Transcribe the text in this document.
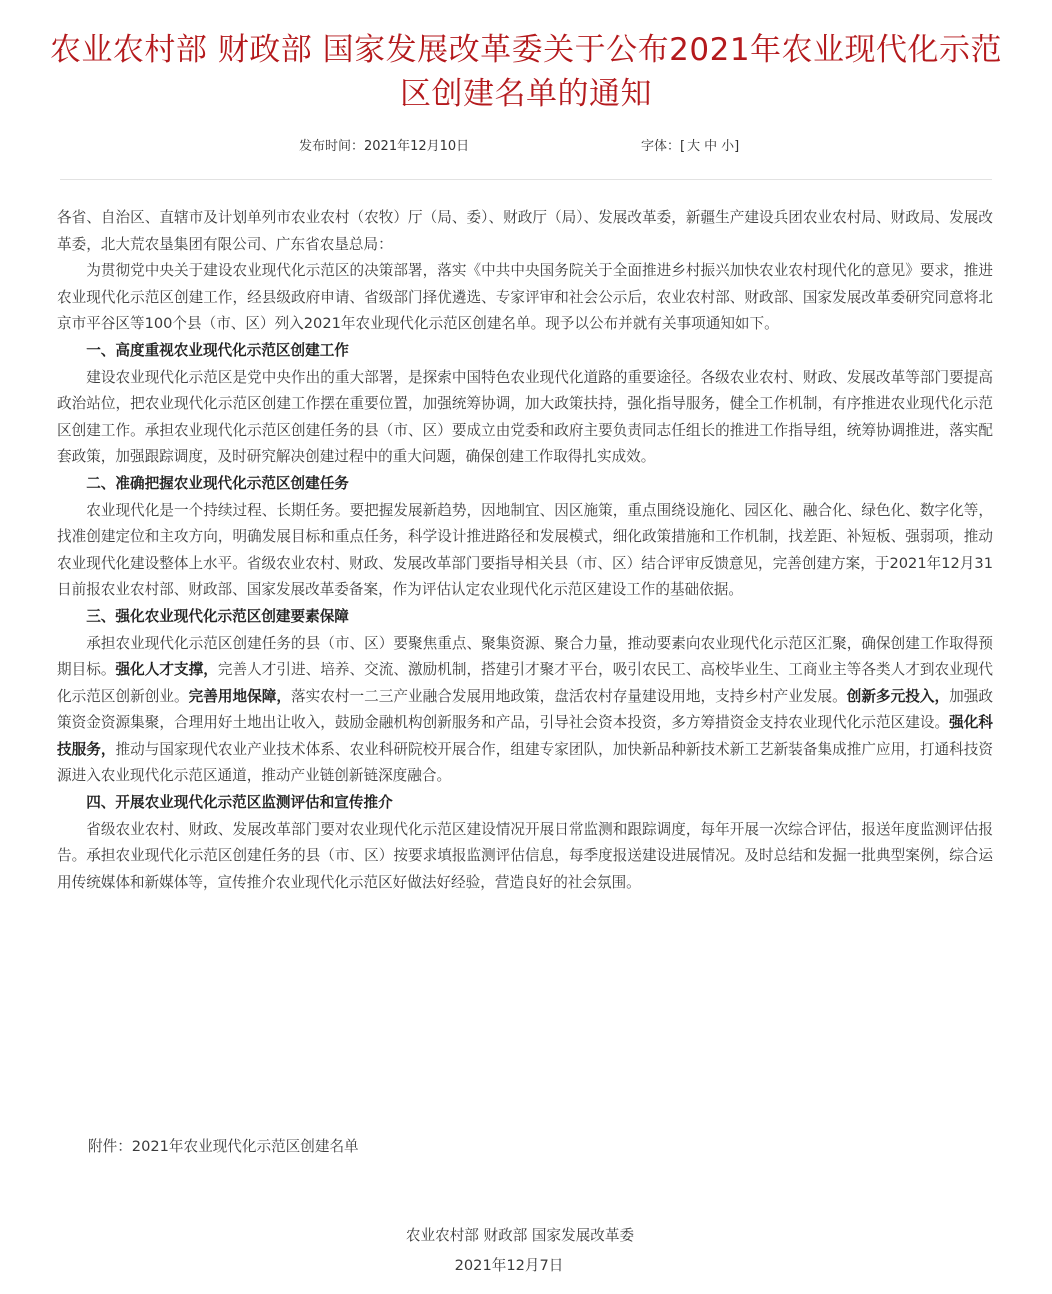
农业农村部 财政部 国家发展改革委关于公布2021年农业现代化示范区创建名单的通知
发布时间：2021年12月10日	字体：[ 大 中 小]

各省、自治区、直辖市及计划单列市农业农村（农牧）厅（局、委）、财政厅（局）、发展改革委，新疆生产建设兵团农业农村局、财政局、发展改革委，北大荒农垦集团有限公司、广东省农垦总局：

为贯彻党中央关于建设农业现代化示范区的决策部署，落实《中共中央国务院关于全面推进乡村振兴加快农业农村现代化的意见》要求，推进农业现代化示范区创建工作，经县级政府申请、省级部门择优遴选、专家评审和社会公示后，农业农村部、财政部、国家发展改革委研究同意将北京市平谷区等100个县（市、区）列入2021年农业现代化示范区创建名单。现予以公布并就有关事项通知如下。

一、高度重视农业现代化示范区创建工作

建设农业现代化示范区是党中央作出的重大部署，是探索中国特色农业现代化道路的重要途径。各级农业农村、财政、发展改革等部门要提高政治站位，把农业现代化示范区创建工作摆在重要位置，加强统筹协调，加大政策扶持，强化指导服务，健全工作机制，有序推进农业现代化示范区创建工作。承担农业现代化示范区创建任务的县（市、区）要成立由党委和政府主要负责同志任组长的推进工作指导组，统筹协调推进，落实配套政策，加强跟踪调度，及时研究解决创建过程中的重大问题，确保创建工作取得扎实成效。

二、准确把握农业现代化示范区创建任务

农业现代化是一个持续过程、长期任务。要把握发展新趋势，因地制宜、因区施策，重点围绕设施化、园区化、融合化、绿色化、数字化等，找准创建定位和主攻方向，明确发展目标和重点任务，科学设计推进路径和发展模式，细化政策措施和工作机制，找差距、补短板、强弱项，推动农业现代化建设整体上水平。省级农业农村、财政、发展改革部门要指导相关县（市、区）结合评审反馈意见，完善创建方案，于2021年12月31日前报农业农村部、财政部、国家发展改革委备案，作为评估认定农业现代化示范区建设工作的基础依据。

三、强化农业现代化示范区创建要素保障

承担农业现代化示范区创建任务的县（市、区）要聚焦重点、聚集资源、聚合力量，推动要素向农业现代化示范区汇聚，确保创建工作取得预期目标。强化人才支撑，完善人才引进、培养、交流、激励机制，搭建引才聚才平台，吸引农民工、高校毕业生、工商业主等各类人才到农业现代化示范区创新创业。完善用地保障，落实农村一二三产业融合发展用地政策，盘活农村存量建设用地，支持乡村产业发展。创新多元投入，加强政策资金资源集聚，合理用好土地出让收入，鼓励金融机构创新服务和产品，引导社会资本投资，多方筹措资金支持农业现代化示范区建设。强化科技服务，推动与国家现代农业产业技术体系、农业科研院校开展合作，组建专家团队，加快新品种新技术新工艺新装备集成推广应用，打通科技资源进入农业现代化示范区通道，推动产业链创新链深度融合。

四、开展农业现代化示范区监测评估和宣传推介

省级农业农村、财政、发展改革部门要对农业现代化示范区建设情况开展日常监测和跟踪调度，每年开展一次综合评估，报送年度监测评估报告。承担农业现代化示范区创建任务的县（市、区）按要求填报监测评估信息，每季度报送建设进展情况。及时总结和发掘一批典型案例，综合运用传统媒体和新媒体等，宣传推介农业现代化示范区好做法好经验，营造良好的社会氛围。

附件：2021年农业现代化示范区创建名单
农业农村部 财政部 国家发展改革委
2021年12月7日
